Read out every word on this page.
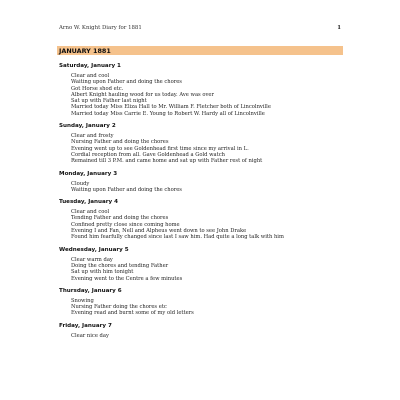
Arno W. Knight Diary for 1881	1
JANUARY 1881
Saturday, January 1
Clear and cool
Waiting upon Father and doing the chores
Got Horse shod etc.
Albert Knight hauling wood for us today. Ave was over
Sat up with Father last night
Married today Miss Eliza Hall to Mr. William F. Fletcher both of Lincolnville
Married today Miss Carrie E. Young to Robert W. Hardy all of Lincolnville
Sunday, January 2
Clear and frosty
Nursing Father and doing the chores
Evening went up to see Goldenhead first time since my arrival in L.
Cordial reception from all. Gave Goldenhead a Gold watch
Remained till 3 P.M. and came home and sat up with Father rest of night
Monday, January 3
Cloudy
Waiting upon Father and doing the chores
Tuesday, January 4
Clear and cool
Tending Father and doing the chores
Confined pretty close since coming home
Evening I and Fan, Nell and Alpheus went down to see John Drake
Found him fearfully changed since last I saw him. Had quite a long talk with him
Wednesday, January 5
Clear warm day
Doing the chores and tending Father
Sat up with him tonight
Evening went to the Centre a few minutes
Thursday, January 6
Snowing
Nursing Father doing the chores etc
Evening read and burnt some of my old letters
Friday, January 7
Clear nice day
